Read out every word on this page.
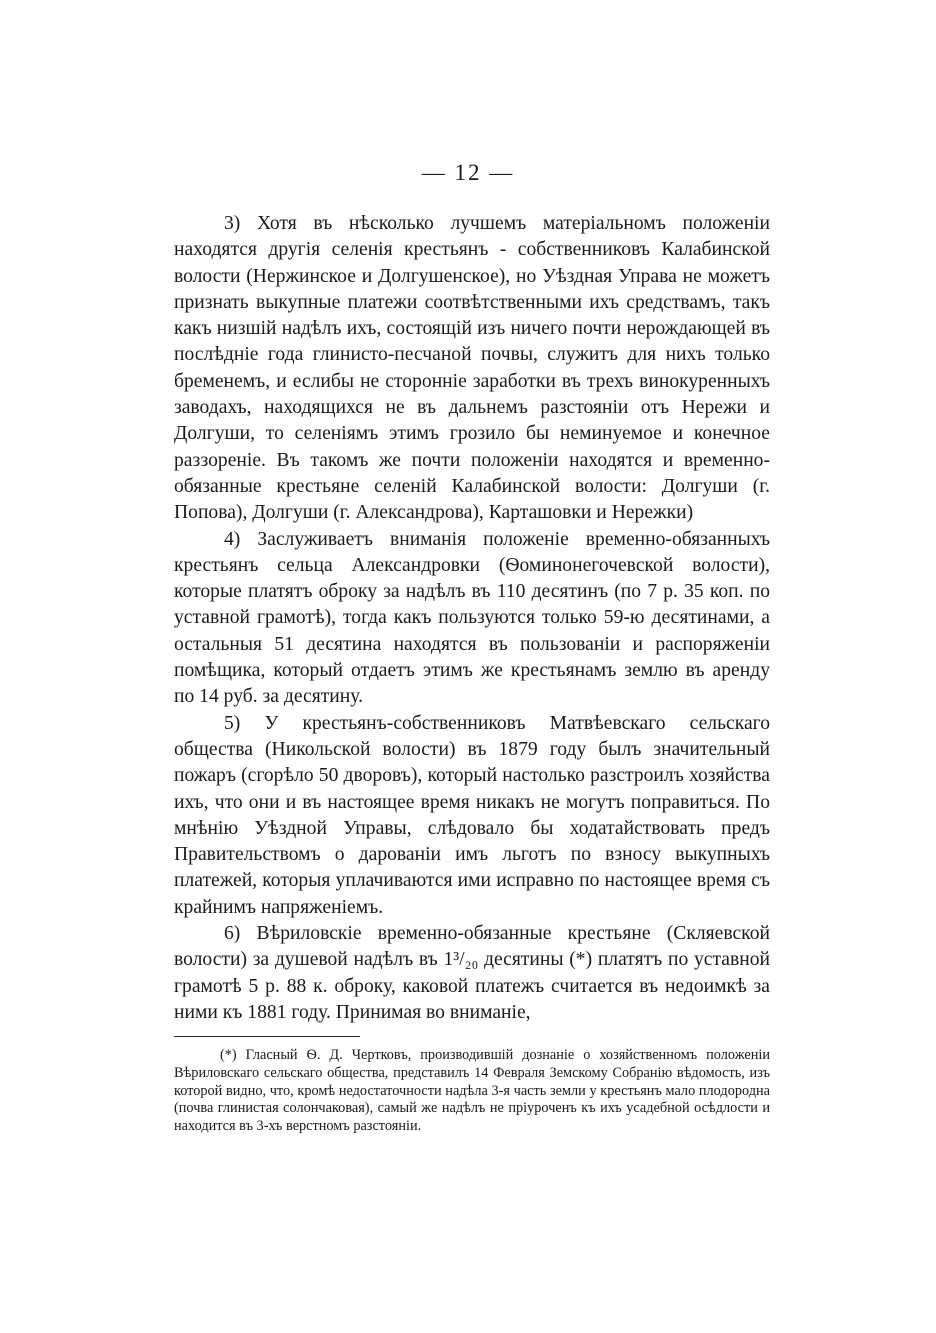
— 12 —

3) Хотя въ нѣсколько лучшемъ матеріальномъ положеніи находятся другія селенія крестьянъ - собственниковъ Калабинской волости (Нержинское и Долгушенское), но Уѣздная Управа не можетъ признать выкупные платежи соотвѣтственными ихъ средствамъ, такъ какъ низшій надѣлъ ихъ, состоящій изъ ничего почти нерождающей въ послѣдніе года глинисто-песчаной почвы, служитъ для нихъ только бременемъ, и еслибы не сторонніе заработки въ трехъ винокуренныхъ заводахъ, находящихся не въ дальнемъ разстояніи отъ Нережи и Долгуши, то селеніямъ этимъ грозило бы неминуемое и конечное раззореніе. Въ такомъ же почти положеніи находятся и временно-обязанные крестьяне селеній Калабинской волости: Долгуши (г. Попова), Долгуши (г. Александрова), Карташовки и Нережки)

4) Заслуживаетъ вниманія положеніе временно-обязанныхъ крестьянъ сельца Александровки (Ѳоминонегочевской волости), которые платятъ оброку за надѣлъ въ 110 десятинъ (по 7 р. 35 коп. по уставной грамотѣ), тогда какъ пользуются только 59-ю десятинами, а остальныя 51 десятина находятся въ пользованіи и распоряженіи помѣщика, который отдаетъ этимъ же крестьянамъ землю въ аренду по 14 руб. за десятину.

5) У крестьянъ-собственниковъ Матвѣевскаго сельскаго общества (Никольской волости) въ 1879 году былъ значительный пожаръ (сгорѣло 50 дворовъ), который настолько разстроилъ хозяйства ихъ, что они и въ настоящее время никакъ не могутъ поправиться. По мнѣнію Уѣздной Управы, слѣдовало бы ходатайствовать предъ Правительствомъ о дарованіи имъ льготъ по взносу выкупныхъ платежей, которыя уплачиваются ими исправно по настоящее время съ крайнимъ напряженіемъ.

6) Вѣриловскіе временно-обязанные крестьяне (Скляевской волости) за душевой надѣлъ въ 1³/₂₀ десятины (*) платятъ по уставной грамотѣ 5 р. 88 к. оброку, каковой платежъ считается въ недоимкѣ за ними къ 1881 году. Принимая во вниманіе,

(*) Гласный Ѳ. Д. Чертковъ, производившій дознаніе о хозяйственномъ положеніи Вѣриловскаго сельскаго общества, представилъ 14 Февраля Земскому Собранію вѣдомость, изъ которой видно, что, кромѣ недостаточности надѣла 3-я часть земли у крестьянъ мало плодородна (почва глинистая солончаковая), самый же надѣлъ не пріуроченъ къ ихъ усадебной осѣдлости и находится въ 3-хъ верстномъ разстояніи.
